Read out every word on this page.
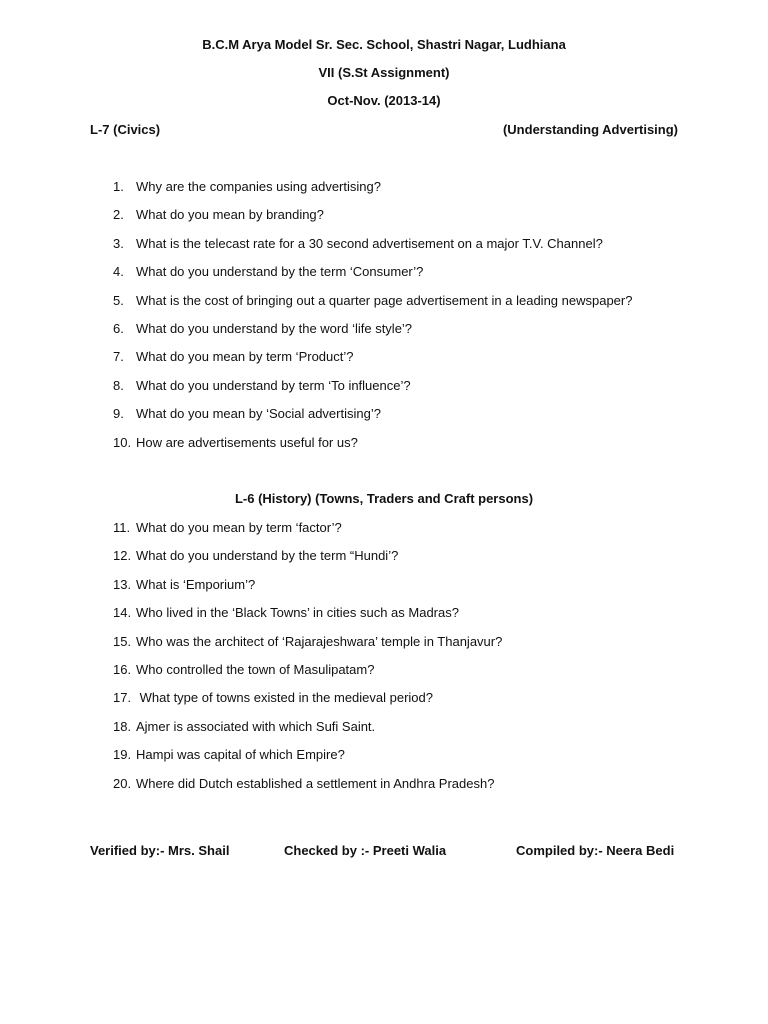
B.C.M Arya Model Sr. Sec. School, Shastri Nagar, Ludhiana
VII (S.St Assignment)
Oct-Nov. (2013-14)
L-7 (Civics)	(Understanding Advertising)
1. Why are the companies using advertising?
2. What do you mean by branding?
3. What is the telecast rate for a 30 second advertisement on a major T.V. Channel?
4. What do you understand by the term ‘Consumer’?
5. What is the cost of bringing out a quarter page advertisement in a leading newspaper?
6. What do you understand by the word ‘life style’?
7. What do you mean by term ‘Product’?
8. What do you understand by term ‘To influence’?
9. What do you mean by ‘Social advertising’?
10. How are advertisements useful for us?
L-6 (History) (Towns, Traders and Craft persons)
11. What do you mean by term ‘factor’?
12. What do you understand by the term “Hundi’?
13. What is ‘Emporium’?
14. Who lived in the ‘Black Towns’ in cities such as Madras?
15. Who was the architect of ‘Rajarajeshwara’ temple in Thanjavur?
16. Who controlled the town of Masulipatam?
17. What type of towns existed in the medieval period?
18. Ajmer is associated with which Sufi Saint.
19. Hampi was capital of which Empire?
20. Where did Dutch established a settlement in Andhra Pradesh?
Verified by:- Mrs. Shail	Checked by :- Preeti Walia	Compiled by:- Neera Bedi
